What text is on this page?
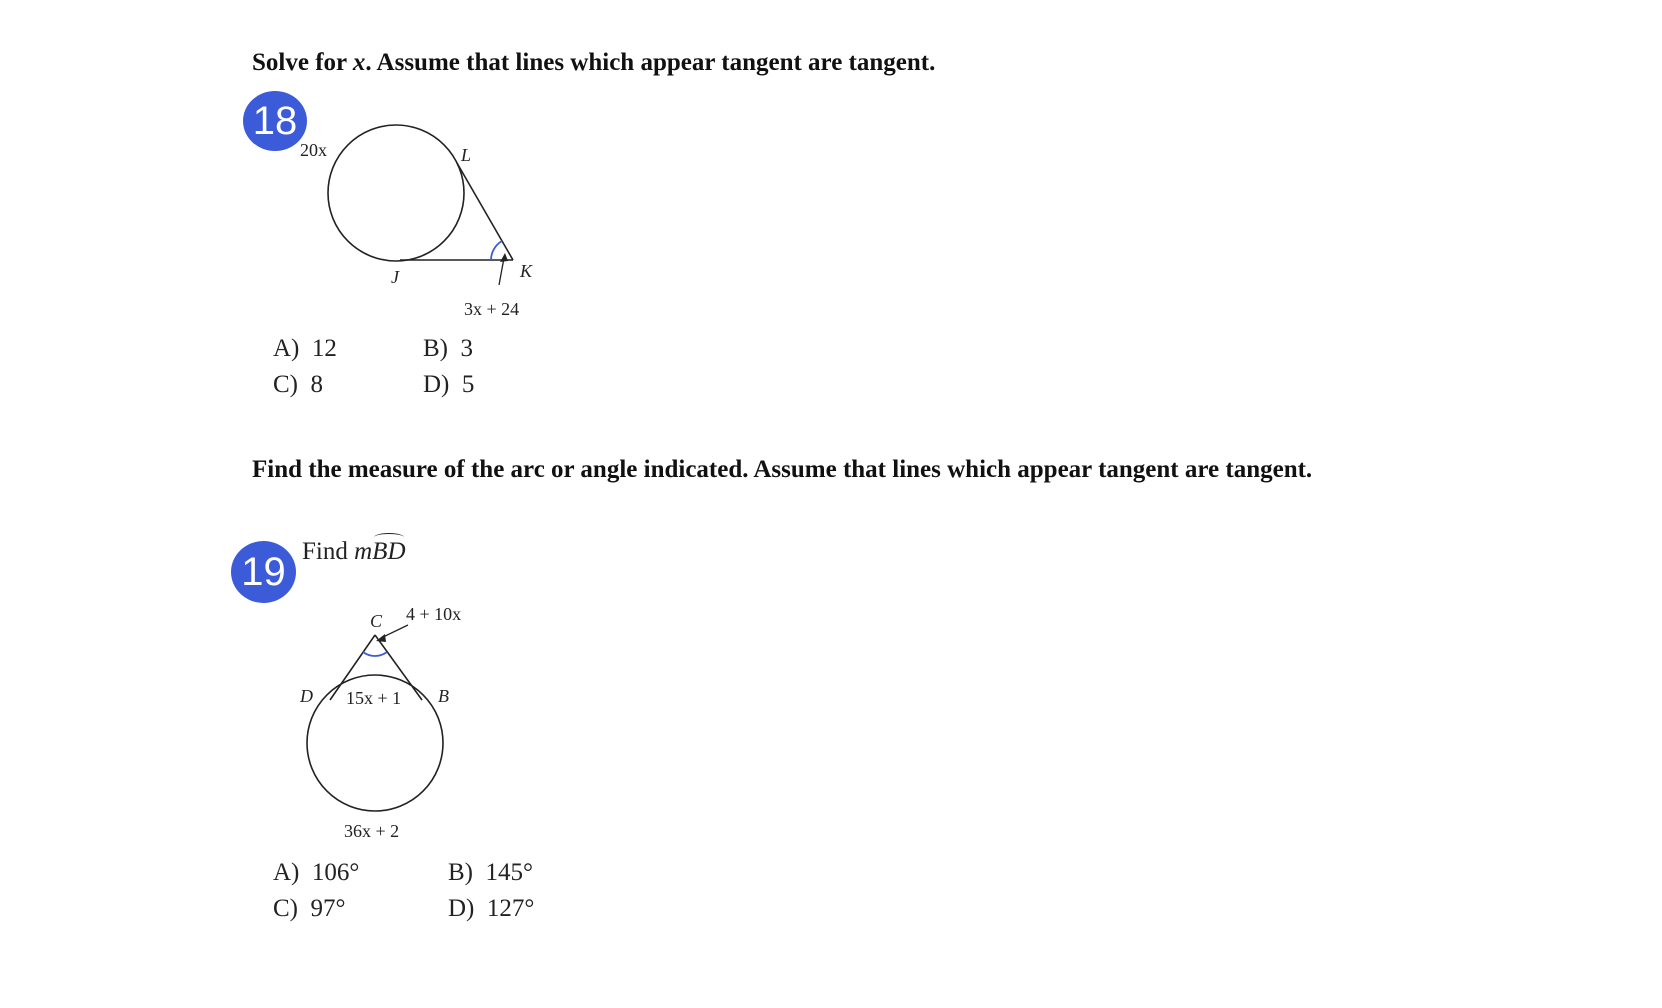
Solve for x. Assume that lines which appear tangent are tangent.
18
20x	L
J	K
3x + 24
A) 12	B) 3
C) 8	D) 5
Find the measure of the arc or angle indicated. Assume that lines which appear tangent are tangent.
19 Find mBD
C 4 + 10x
D	B
15x + 1
36x + 2
A) 106°	B) 145°
C) 97°	D) 127°
